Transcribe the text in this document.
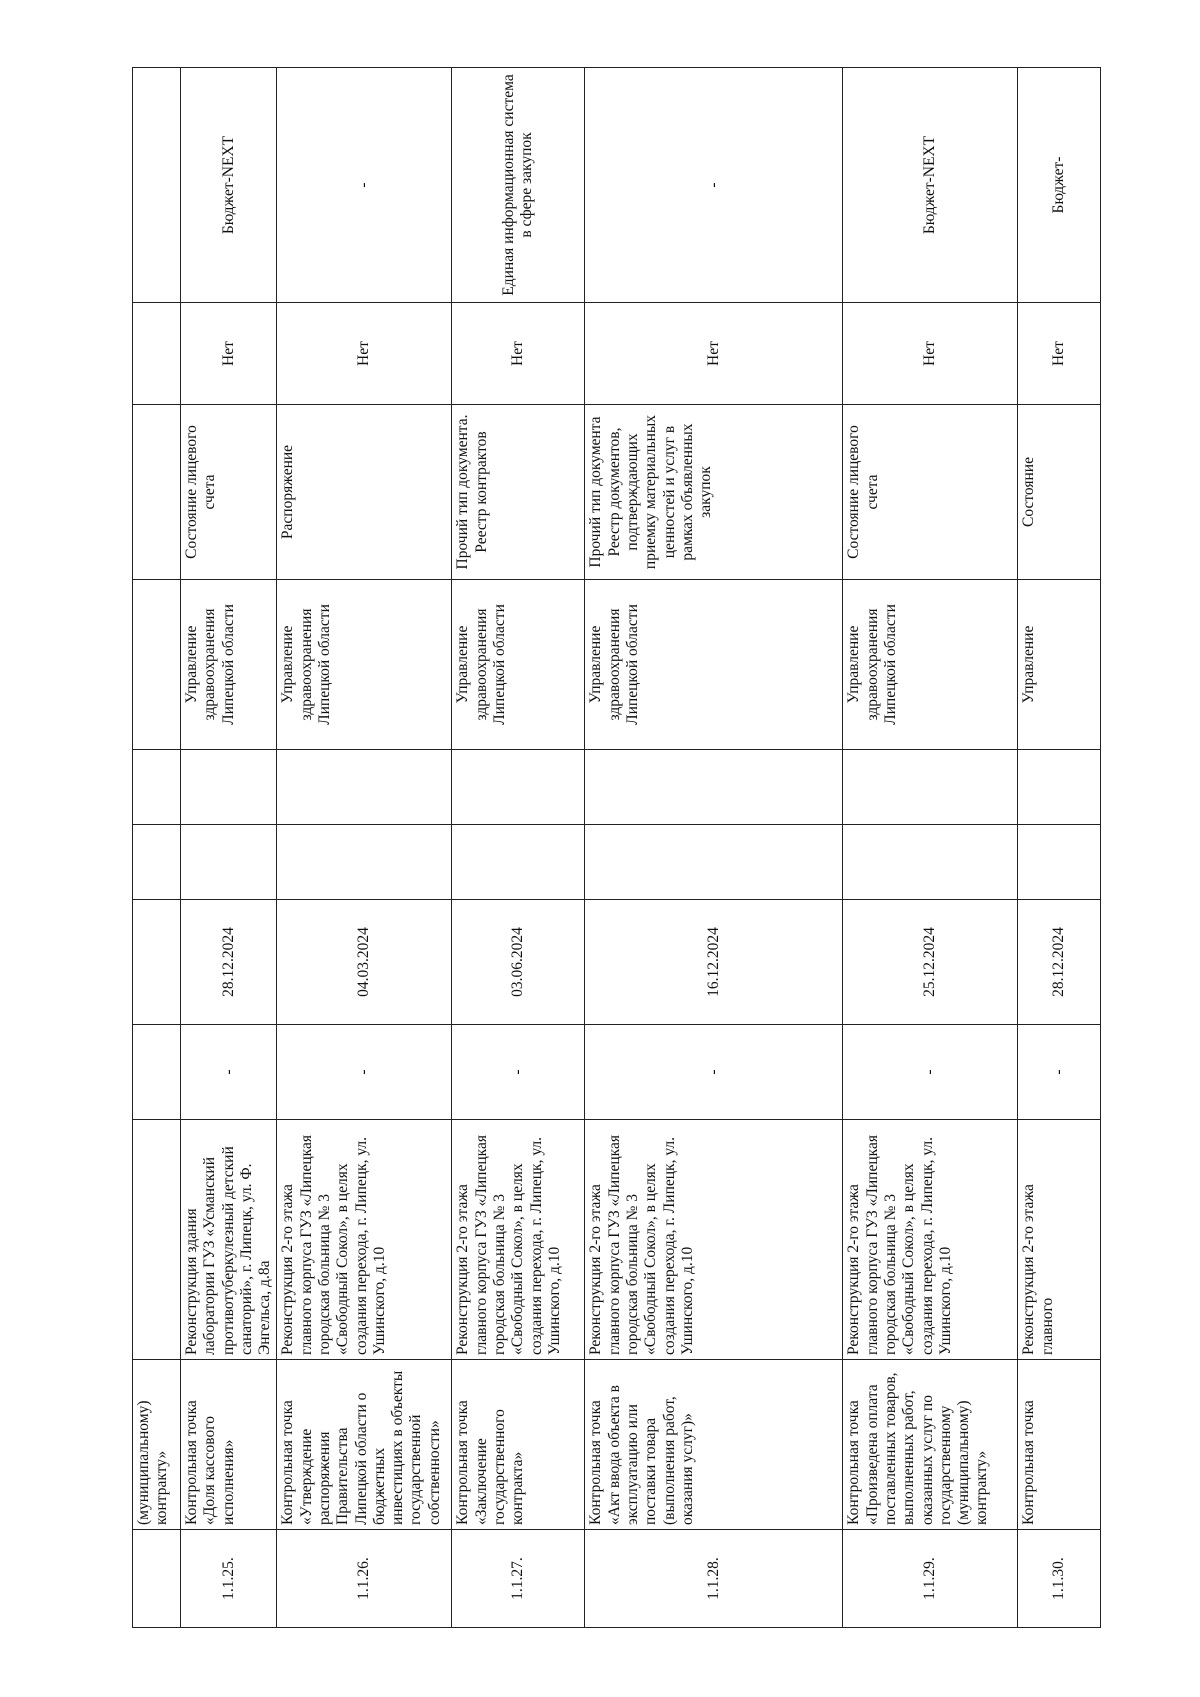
	(муниципальному)
контракту»									
1.1.25.	Контрольная точка «Доля кассового исполнения»	Реконструкция здания лаборатории ГУЗ «Усманский противотуберкулезный детский санаторий», г. Липецк, ул. Ф. Энгельса, д.8а	-	28.12.2024			Управление здравоохранения Липецкой области	Состояние лицевого счета	Нет	Бюджет-NEXT
1.1.26.	Контрольная точка «Утверждение распоряжения Правительства Липецкой области о бюджетных инвестициях в объекты государственной собственности»	Реконструкция 2-го этажа главного корпуса ГУЗ «Липецкая городская больница № 3 «Свободный Сокол», в целях создания перехода, г. Липецк, ул. Ушинского, д.10	-	04.03.2024			Управление здравоохранения Липецкой области	Распоряжение	Нет	-
1.1.27.	Контрольная точка «Заключение государственного контракта»	Реконструкция 2-го этажа главного корпуса ГУЗ «Липецкая городская больница № 3 «Свободный Сокол», в целях создания перехода, г. Липецк, ул. Ушинского, д.10	-	03.06.2024			Управление здравоохранения Липецкой области	Прочий тип документа. Реестр контрактов	Нет	Единая информационная система в сфере закупок
1.1.28.	Контрольная точка «Акт ввода объекта в эксплуатацию или поставки товара (выполнения работ, оказания услуг)»	Реконструкция 2-го этажа главного корпуса ГУЗ «Липецкая городская больница № 3 «Свободный Сокол», в целях создания перехода, г. Липецк, ул. Ушинского, д.10	-	16.12.2024			Управление здравоохранения Липецкой области	Прочий тип документа Реестр документов, подтверждающих приемку материальных ценностей и услуг в рамках объявленных закупок	Нет	-
1.1.29.	Контрольная точка «Произведена оплата поставленных товаров, выполненных работ, оказанных услуг по государственному (муниципальному) контракту»	Реконструкция 2-го этажа главного корпуса ГУЗ «Липецкая городская больница № 3 «Свободный Сокол», в целях создания перехода, г. Липецк, ул. Ушинского, д.10	-	25.12.2024			Управление здравоохранения Липецкой области	Состояние лицевого счета	Нет	Бюджет-NEXT
1.1.30.	Контрольная точка	Реконструкция 2-го этажа главного	-	28.12.2024			Управление	Состояние	Нет	Бюджет-
